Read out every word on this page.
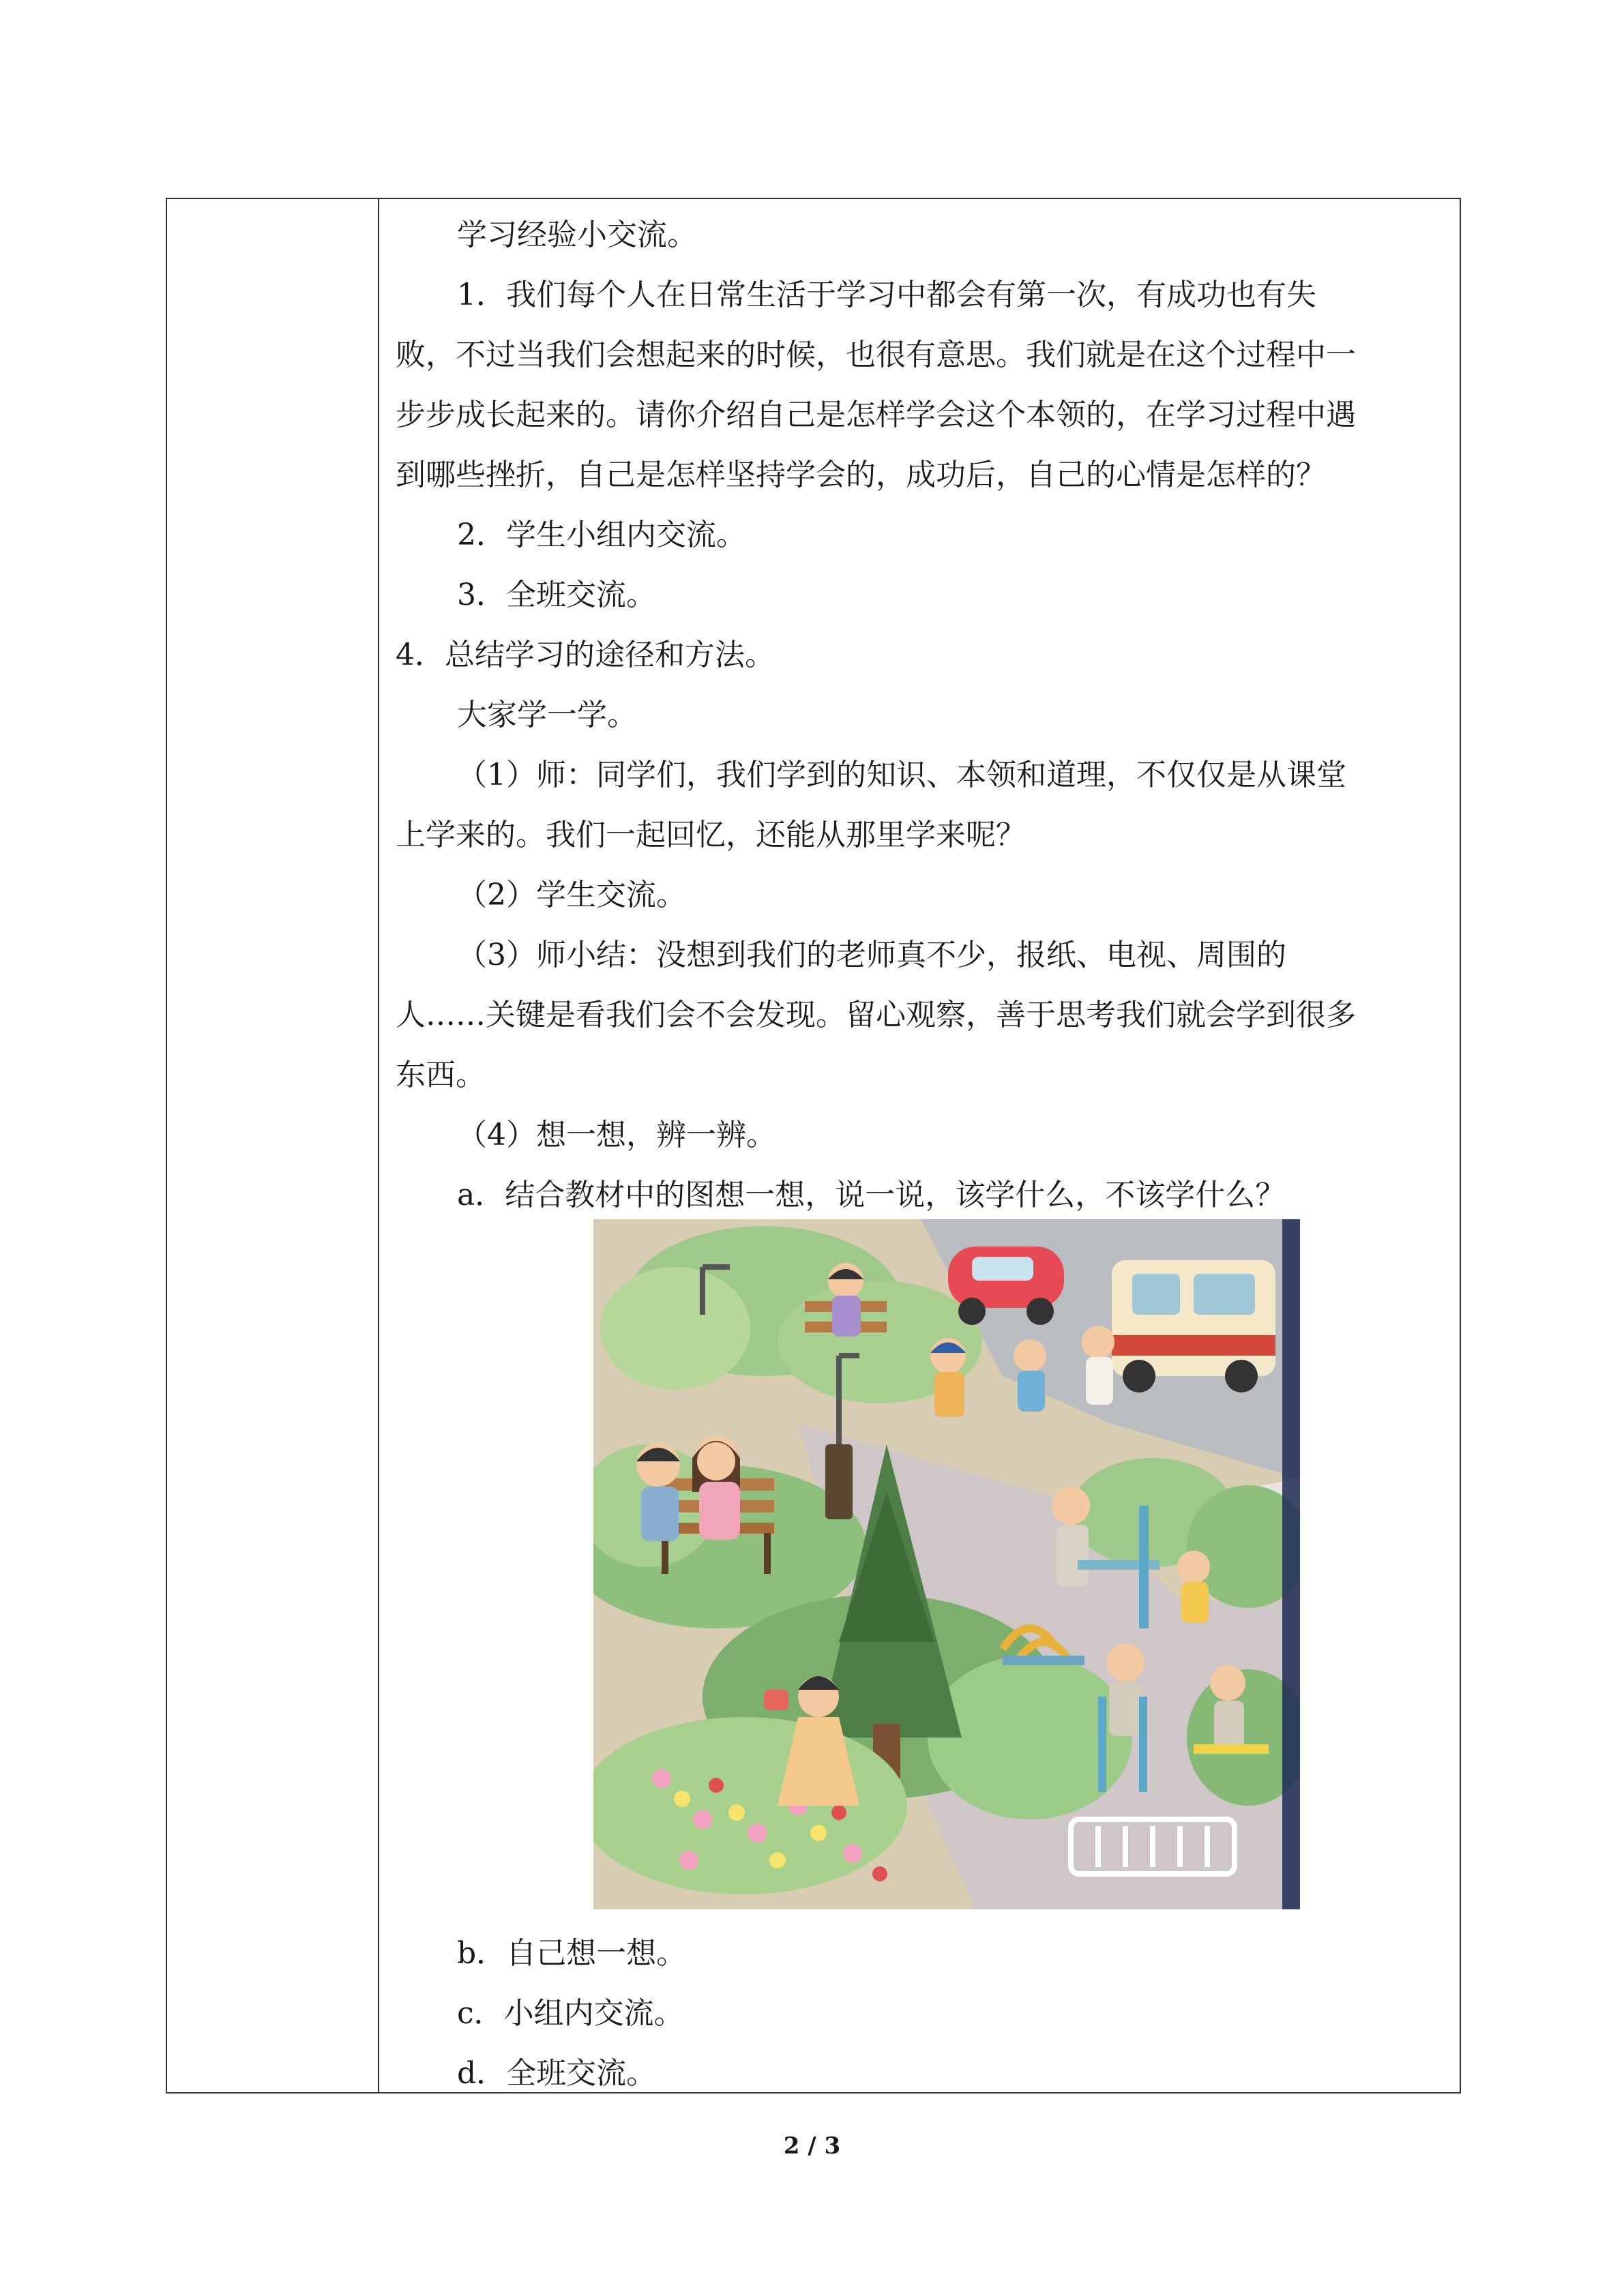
学习经验小交流。
1．我们每个人在日常生活于学习中都会有第一次，有成功也有失
败，不过当我们会想起来的时候，也很有意思。我们就是在这个过程中一
步步成长起来的。请你介绍自己是怎样学会这个本领的，在学习过程中遇
到哪些挫折，自己是怎样坚持学会的，成功后，自己的心情是怎样的？
2．学生小组内交流。
3．全班交流。
4．总结学习的途径和方法。
大家学一学。
（1）师：同学们，我们学到的知识、本领和道理，不仅仅是从课堂
上学来的。我们一起回忆，还能从那里学来呢？
（2）学生交流。
（3）师小结：没想到我们的老师真不少，报纸、电视、周围的
人……关键是看我们会不会发现。留心观察，善于思考我们就会学到很多
东西。
（4）想一想，辨一辨。
a．结合教材中的图想一想，说一说，该学什么，不该学什么？
b．自己想一想。
c．小组内交流。
d．全班交流。
2 / 3
